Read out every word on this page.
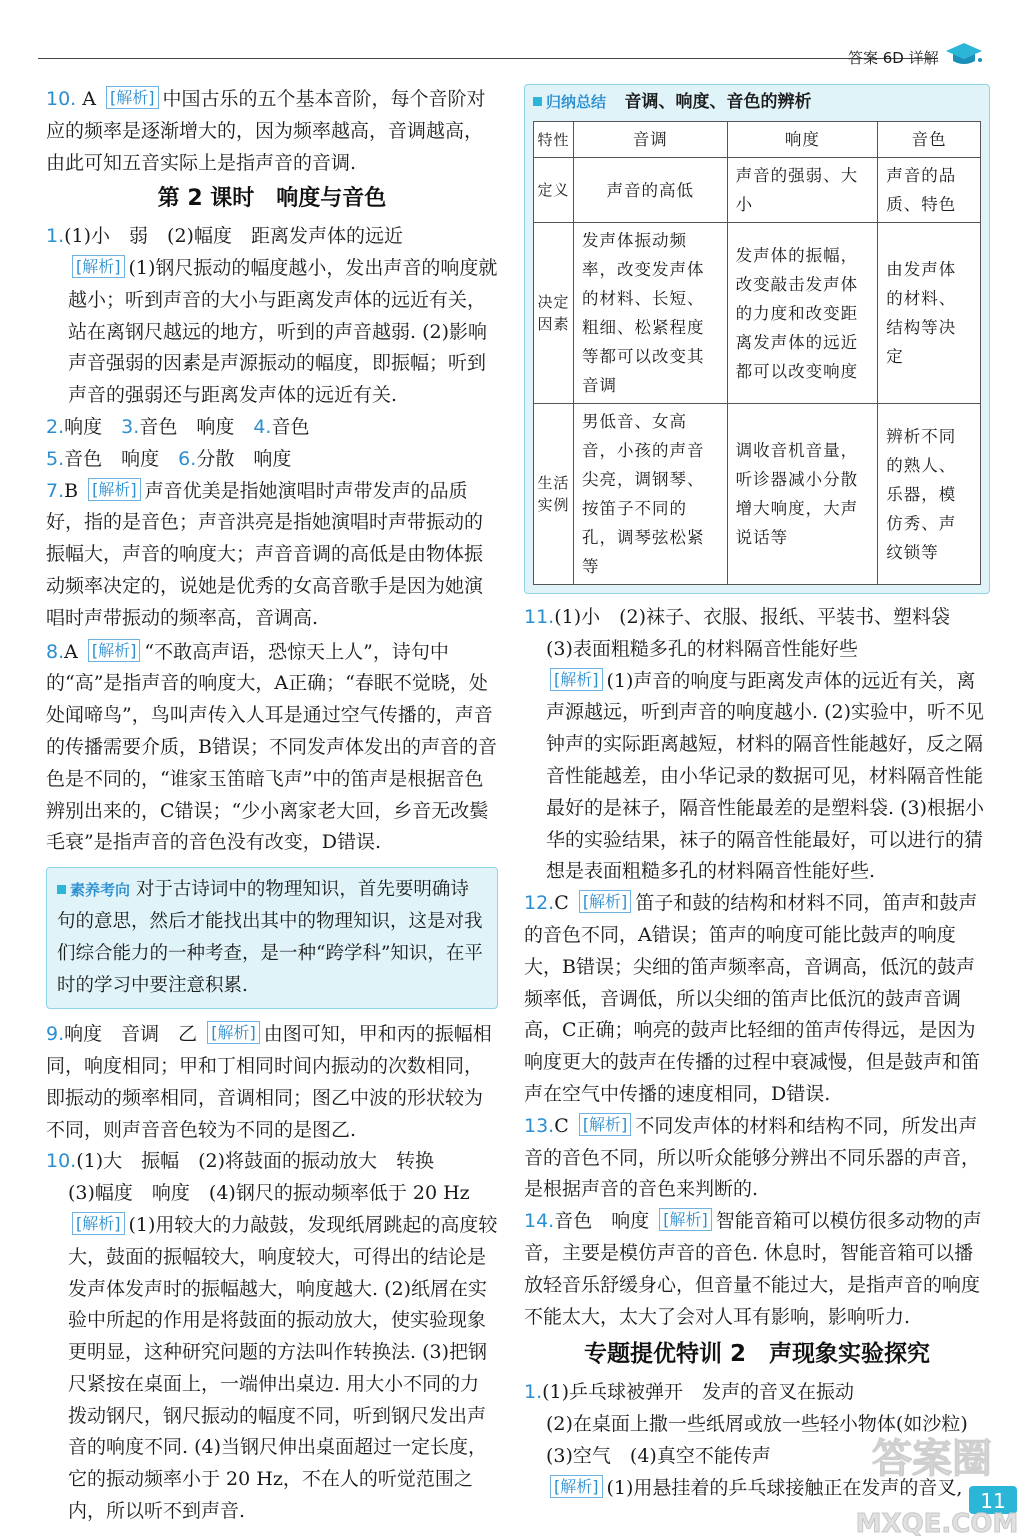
答案 6D 详解

10. A [解析] 中国古乐的五个基本音阶，每个音阶对应的频率是逐渐增大的，因为频率越高，音调越高，由此可知五音实际上是指声音的音调.

第 2 课时　响度与音色

1.(1)小　弱　(2)幅度　距离发声体的远近

[解析] (1)钢尺振动的幅度越小，发出声音的响度就越小；听到声音的大小与距离发声体的远近有关，站在离钢尺越远的地方，听到的声音越弱. (2)影响声音强弱的因素是声源振动的幅度，即振幅；听到声音的强弱还与距离发声体的远近有关.

2.响度　 3.音色　响度　 4.音色

5.音色　响度　 6.分散　响度

7.B [解析] 声音优美是指她演唱时声带发声的品质好，指的是音色；声音洪亮是指她演唱时声带振动的振幅大，声音的响度大；声音音调的高低是由物体振动频率决定的，说她是优秀的女高音歌手是因为她演唱时声带振动的频率高，音调高.

8.A [解析] “不敢高声语，恐惊天上人”，诗句中的“高”是指声音的响度大，A正确；“春眠不觉晓，处处闻啼鸟”，鸟叫声传入人耳是通过空气传播的，声音的传播需要介质，B错误；不同发声体发出的声音的音色是不同的，“谁家玉笛暗飞声”中的笛声是根据音色辨别出来的，C错误；“少小离家老大回，乡音无改鬓毛衰”是指声音的音色没有改变，D错误.

素养考向 对于古诗词中的物理知识，首先要明确诗句的意思，然后才能找出其中的物理知识，这是对我们综合能力的一种考查，是一种“跨学科”知识，在平时的学习中要注意积累.

9.响度　音调　乙 [解析] 由图可知，甲和丙的振幅相同，响度相同；甲和丁相同时间内振动的次数相同，即振动的频率相同，音调相同；图乙中波的形状较为不同，则声音音色较为不同的是图乙.

10.(1)大　振幅　(2)将鼓面的振动放大　转换

(3)幅度　响度　(4)钢尺的振动频率低于 20 Hz

[解析] (1)用较大的力敲鼓，发现纸屑跳起的高度较大，鼓面的振幅较大，响度较大，可得出的结论是发声体发声时的振幅越大，响度越大. (2)纸屑在实验中所起的作用是将鼓面的振动放大，使实验现象更明显，这种研究问题的方法叫作转换法. (3)把钢尺紧按在桌面上，一端伸出桌边. 用大小不同的力拨动钢尺，钢尺振动的幅度不同，听到钢尺发出声音的响度不同. (4)当钢尺伸出桌面超过一定长度，它的振动频率小于 20 Hz，不在人的听觉范围之内，所以听不到声音.

归纳总结　 音调、响度、音色的辨析
特性	音调	响度	音色
定义	声音的高低	声音的强弱、大小	声音的品质、特色
决定因素	发声体振动频率，改变发声体的材料、长短、粗细、松紧程度等都可以改变其音调	发声体的振幅，改变敲击发声体的力度和改变距离发声体的远近都可以改变响度	由发声体的材料、结构等决定
生活实例	男低音、女高音，小孩的声音尖亮，调钢琴、按笛子不同的孔，调琴弦松紧等	调收音机音量，听诊器减小分散增大响度，大声说话等	辨析不同的熟人、乐器，模仿秀、声纹锁等

11.(1)小　(2)袜子、衣服、报纸、平装书、塑料袋

(3)表面粗糙多孔的材料隔音性能好些

[解析] (1)声音的响度与距离发声体的远近有关，离声源越远，听到声音的响度越小. (2)实验中，听不见钟声的实际距离越短，材料的隔音性能越好，反之隔音性能越差，由小华记录的数据可见，材料隔音性能最好的是袜子，隔音性能最差的是塑料袋. (3)根据小华的实验结果，袜子的隔音性能最好，可以进行的猜想是表面粗糙多孔的材料隔音性能好些.

12.C [解析] 笛子和鼓的结构和材料不同，笛声和鼓声的音色不同，A错误；笛声的响度可能比鼓声的响度大，B错误；尖细的笛声频率高，音调高，低沉的鼓声频率低，音调低，所以尖细的笛声比低沉的鼓声音调高，C正确；响亮的鼓声比轻细的笛声传得远，是因为响度更大的鼓声在传播的过程中衰减慢，但是鼓声和笛声在空气中传播的速度相同，D错误.

13.C [解析] 不同发声体的材料和结构不同，所发出声音的音色不同，所以听众能够分辨出不同乐器的声音，是根据声音的音色来判断的.

14.音色　响度 [解析] 智能音箱可以模仿很多动物的声音，主要是模仿声音的音色. 休息时，智能音箱可以播放轻音乐舒缓身心，但音量不能过大，是指声音的响度不能太大，太大了会对人耳有影响，影响听力.

专题提优特训 2　声现象实验探究

1.(1)乒乓球被弹开　发声的音叉在振动

(2)在桌面上撒一些纸屑或放一些轻小物体(如沙粒)　(3)空气　(4)真空不能传声

[解析] (1)用悬挂着的乒乓球接触正在发声的音叉,

答案圈
11
MXQE.COM
